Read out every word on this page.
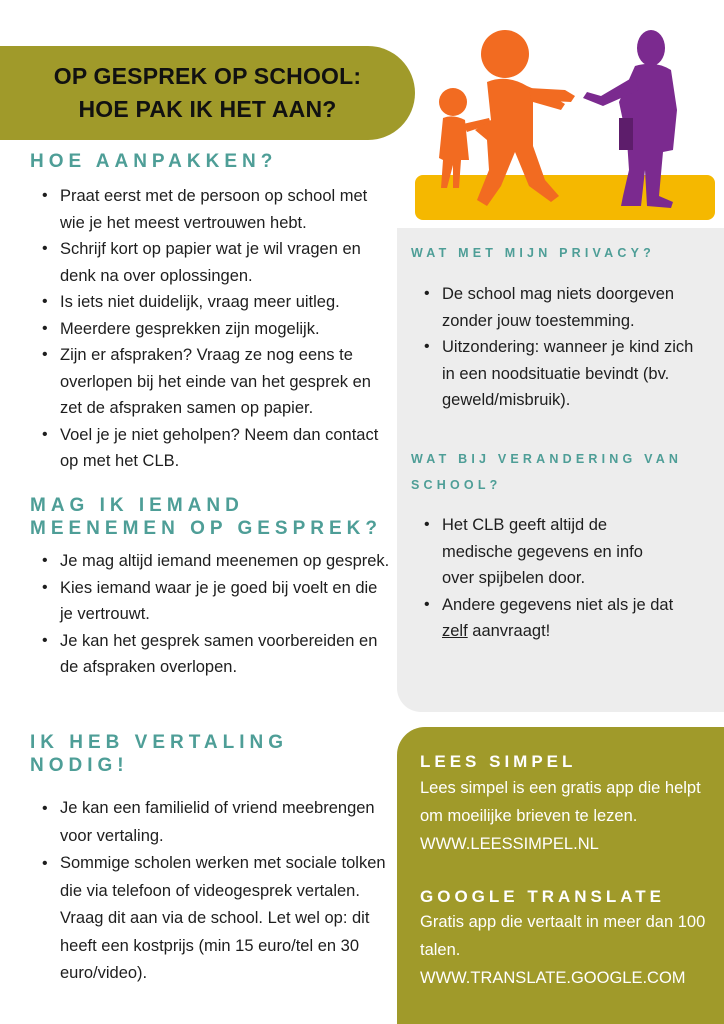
OP GESPREK OP SCHOOL:
HOE PAK IK HET AAN?
HOE AANPAKKEN?
• Praat eerst met de persoon op school met wie je het meest vertrouwen hebt.
• Schrijf kort op papier wat je wil vragen en denk na over oplossingen.
• Is iets niet duidelijk, vraag meer uitleg.
• Meerdere gesprekken zijn mogelijk.
• Zijn er afspraken? Vraag ze nog eens te overlopen bij het einde van het gesprek en zet de afspraken samen op papier.
• Voel je je niet geholpen? Neem dan contact op met het CLB.
MAG IK IEMAND
MEENEMEN OP GESPREK?
• Je mag altijd iemand meenemen op gesprek.
• Kies iemand waar je je goed bij voelt en die je vertrouwt.
• Je kan het gesprek samen voorbereiden en de afspraken overlopen.
IK HEB VERTALING
NODIG!
• Je kan een familielid of vriend meebrengen voor vertaling.
• Sommige scholen werken met sociale tolken die via telefoon of videogesprek vertalen. Vraag dit aan via de school. Let wel op: dit heeft een kostprijs (min 15 euro/tel en 30 euro/video).
WAT MET MIJN PRIVACY?
• De school mag niets doorgeven zonder jouw toestemming.
• Uitzondering: wanneer je kind zich in een noodsituatie bevindt (bv. geweld/misbruik).
WAT BIJ VERANDERING VAN
SCHOOL?
• Het CLB geeft altijd de medische gegevens en info over spijbelen door.
• Andere gegevens niet als je dat zelf aanvraagt!
LEES SIMPEL
Lees simpel is een gratis app die helpt om moeilijke brieven te lezen. WWW.LEESSIMPEL.NL
GOOGLE TRANSLATE
Gratis app die vertaalt in meer dan 100 talen.
WWW.TRANSLATE.GOOGLE.COM
